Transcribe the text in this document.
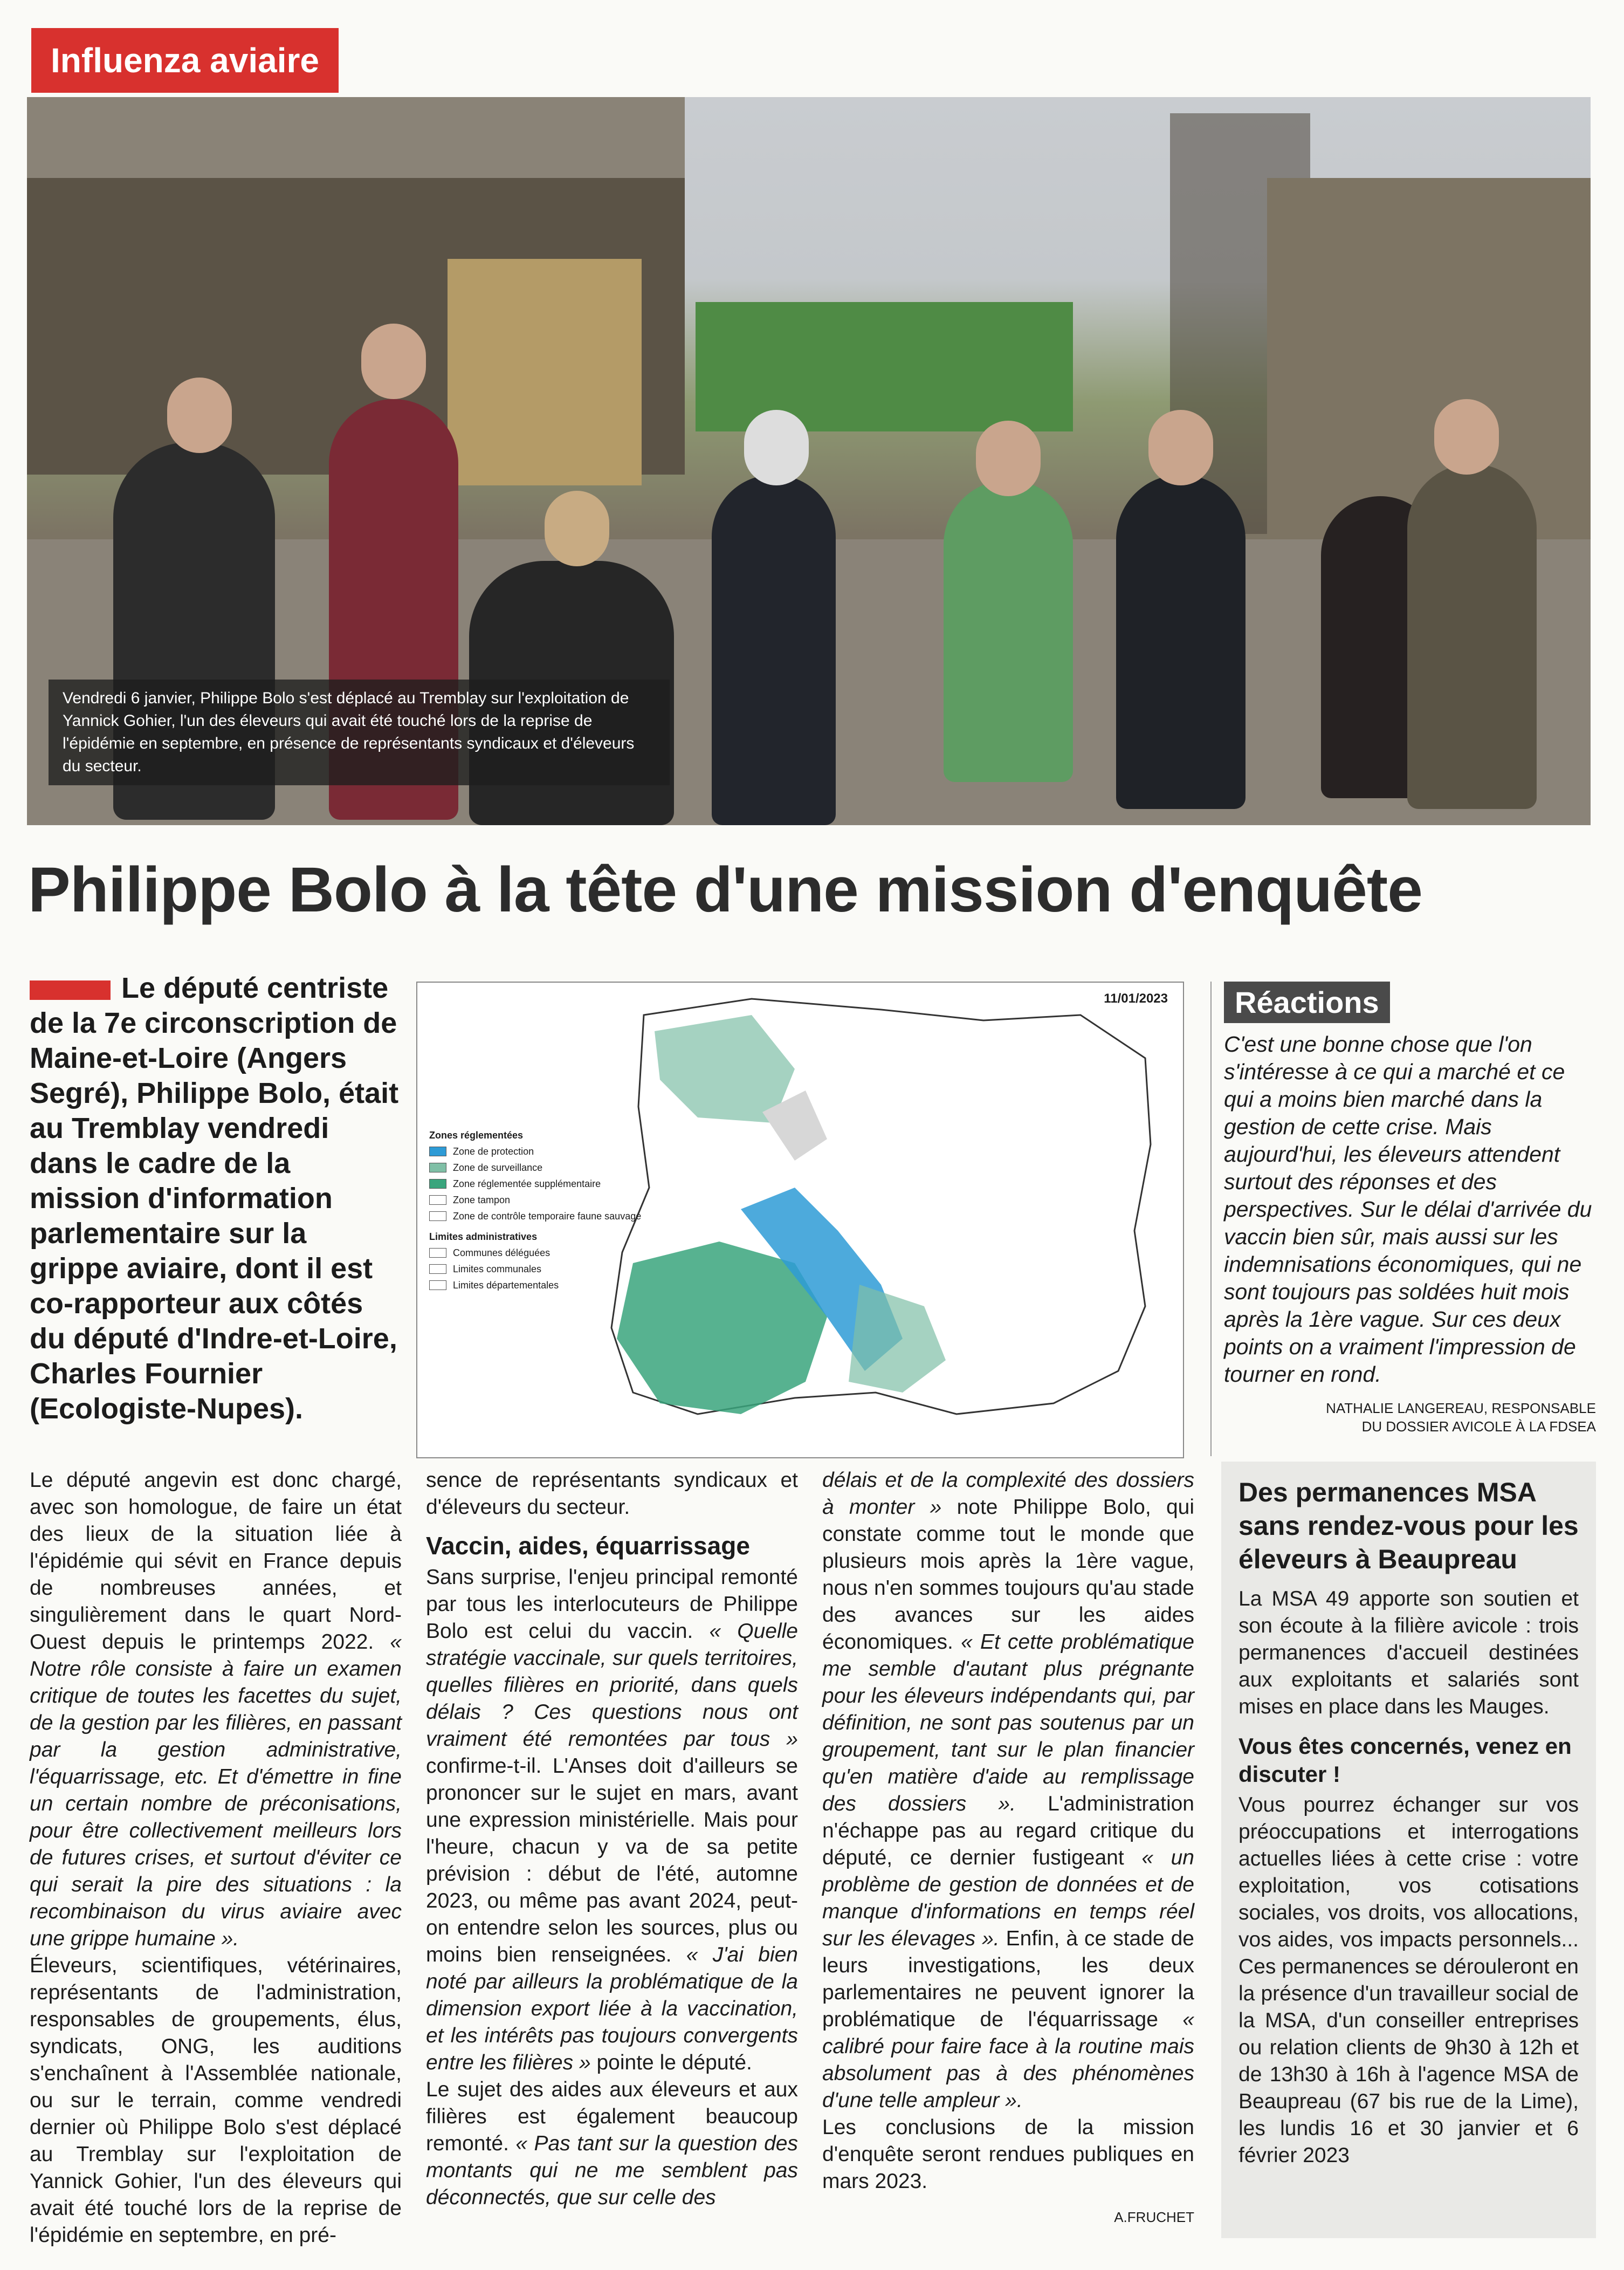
Influenza aviaire
Vendredi 6 janvier, Philippe Bolo s'est déplacé au Tremblay sur l'exploitation de Yannick Gohier, l'un des éleveurs qui avait été touché lors de la reprise de l'épidémie en septembre, en présence de représentants syndicaux et d'éleveurs du secteur.
Philippe Bolo à la tête d'une mission d'enquête
Le député centriste de la 7e circonscription de Maine-et-Loire (Angers Segré), Philippe Bolo, était au Tremblay vendredi dans le cadre de la mission d'information parlementaire sur la grippe aviaire, dont il est co-rapporteur aux côtés du député d'Indre-et-Loire, Charles Fournier (Ecologiste-Nupes).
11/01/2023
Zones réglementées
Zone de protection
Zone de surveillance
Zone réglementée supplémentaire
Zone tampon
Zone de contrôle temporaire faune sauvage
Limites administratives
Communes déléguées
Limites communales
Limites départementales
Réactions
C'est une bonne chose que l'on s'intéresse à ce qui a marché et ce qui a moins bien marché dans la gestion de cette crise. Mais aujourd'hui, les éleveurs attendent surtout des réponses et des perspectives. Sur le délai d'arrivée du vaccin bien sûr, mais aussi sur les indemnisations économiques, qui ne sont toujours pas soldées huit mois après la 1ère vague. Sur ces deux points on a vraiment l'impression de tourner en rond.
NATHALIE LANGEREAU, RESPONSABLE
DU DOSSIER AVICOLE À LA FDSEA

Le député angevin est donc chargé, avec son homologue, de faire un état des lieux de la situation liée à l'épidémie qui sévit en France depuis de nombreuses années, et singulièrement dans le quart Nord-Ouest depuis le printemps 2022. « Notre rôle consiste à faire un examen critique de toutes les facettes du sujet, de la gestion par les filières, en passant par la gestion administrative, l'équarrissage, etc. Et d'émettre in fine un certain nombre de préconisations, pour être collectivement meilleurs lors de futures crises, et surtout d'éviter ce qui serait la pire des situations : la recombinaison du virus aviaire avec une grippe humaine ».

Éleveurs, scientifiques, vétérinaires, représentants de l'administration, responsables de groupements, élus, syndicats, ONG, les auditions s'enchaînent à l'Assemblée nationale, ou sur le terrain, comme vendredi dernier où Philippe Bolo s'est déplacé au Tremblay sur l'exploitation de Yannick Gohier, l'un des éleveurs qui avait été touché lors de la reprise de l'épidémie en septembre, en pré-

sence de représentants syndicaux et d'éleveurs du secteur.

Vaccin, aides, équarrissage

Sans surprise, l'enjeu principal remonté par tous les interlocuteurs de Philippe Bolo est celui du vaccin. « Quelle stratégie vaccinale, sur quels territoires, quelles filières en priorité, dans quels délais ? Ces questions nous ont vraiment été remontées par tous » confirme-t-il. L'Anses doit d'ailleurs se prononcer sur le sujet en mars, avant une expression ministérielle. Mais pour l'heure, chacun y va de sa petite prévision : début de l'été, automne 2023, ou même pas avant 2024, peut-on entendre selon les sources, plus ou moins bien renseignées. « J'ai bien noté par ailleurs la problématique de la dimension export liée à la vaccination, et les intérêts pas toujours convergents entre les filières » pointe le député.

Le sujet des aides aux éleveurs et aux filières est également beaucoup remonté. « Pas tant sur la question des montants qui ne me semblent pas déconnectés, que sur celle des

délais et de la complexité des dossiers à monter » note Philippe Bolo, qui constate comme tout le monde que plusieurs mois après la 1ère vague, nous n'en sommes toujours qu'au stade des avances sur les aides économiques. « Et cette problématique me semble d'autant plus prégnante pour les éleveurs indépendants qui, par définition, ne sont pas soutenus par un groupement, tant sur le plan financier qu'en matière d'aide au remplissage des dossiers ». L'administration n'échappe pas au regard critique du député, ce dernier fustigeant « un problème de gestion de données et de manque d'informations en temps réel sur les élevages ». Enfin, à ce stade de leurs investigations, les deux parlementaires ne peuvent ignorer la problématique de l'équarrissage « calibré pour faire face à la routine mais absolument pas à des phénomènes d'une telle ampleur ».

Les conclusions de la mission d'enquête seront rendues publiques en mars 2023.

A.FRUCHET
Des permanences MSA sans rendez-vous pour les éleveurs à Beaupreau

La MSA 49 apporte son soutien et son écoute à la filière avicole : trois permanences d'accueil destinées aux exploitants et salariés sont mises en place dans les Mauges.

Vous êtes concernés, venez en discuter !

Vous pourrez échanger sur vos préoccupations et interrogations actuelles liées à cette crise : votre exploitation, vos cotisations sociales, vos droits, vos allocations, vos aides, vos impacts personnels... Ces permanences se dérouleront en la présence d'un travailleur social de la MSA, d'un conseiller entreprises ou relation clients de 9h30 à 12h et de 13h30 à 16h à l'agence MSA de Beaupreau (67 bis rue de la Lime), les lundis 16 et 30 janvier et 6 février 2023
